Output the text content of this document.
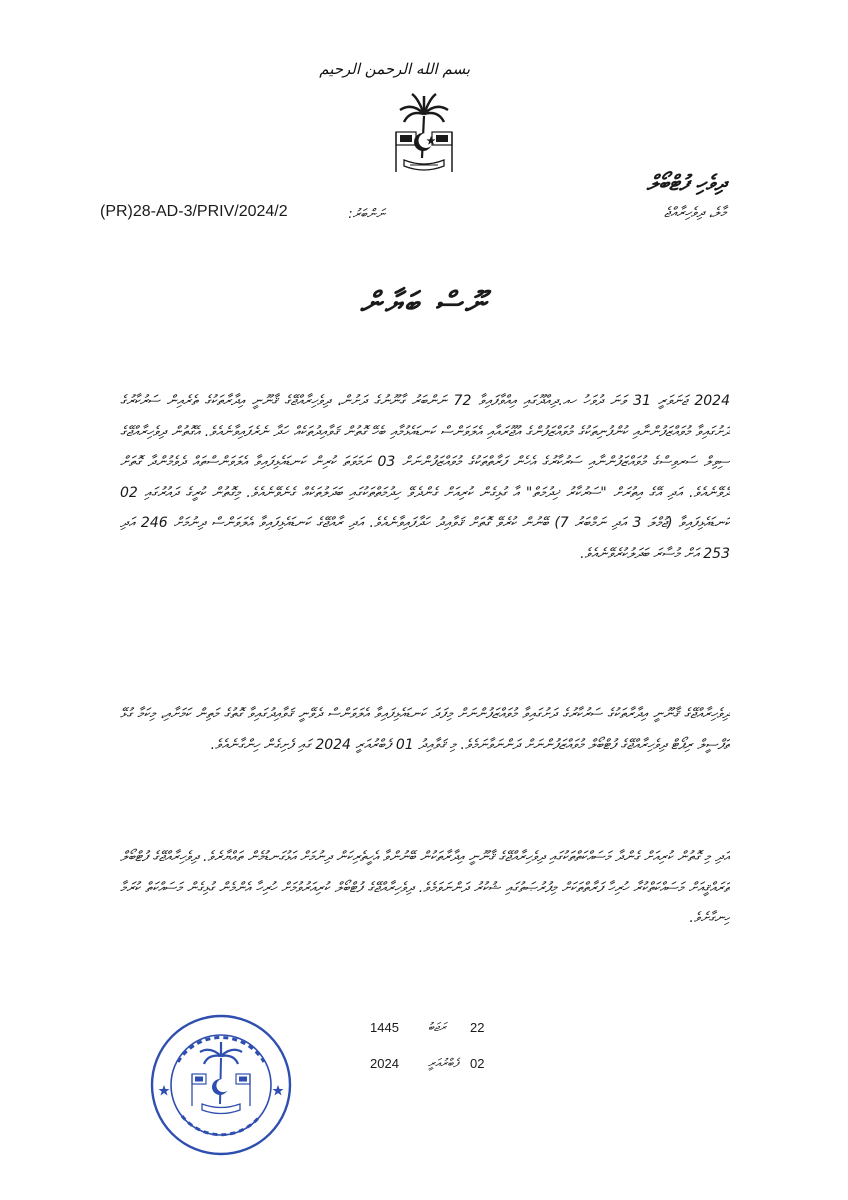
بسم الله الرحمن الرحيم
ދިވެހި ފުޓްބޯލް
މާލެ، ދިވެހިރާއްޖެ
ނަންބަރު:
(PR)28-AD-3/PRIV/2024/2
ނޫސް ބަޔާން
2024 ޖަނަވަރީ 31 ވަނަ ދުވަހު ހއ.ދިއްދޫގައި އިއްވާފައިވާ 72 ނަންބަރު ގާނޫނުގެ ދަށުން، ދިވެހިރާއްޖޭގެ ޤާނޫނީ އިދާރާތަކުގެ ތެރެއިން ސަރުކާރުގެ ދަށުގައިވާ މުވައްޒަފުންނާއި ކުންފުނިތަކުގެ މުވައްޒަފުންގެ އުޖޫރައާއި އެލަވަންސް ކަނޑައެޅުމާއި ބެހޭ ގޮތުން ޤަވާއިދުތަކެއް ހަދާ ނެރެފައިވާނެއެވެ. އެގޮތުން ދިވެހިރާއްޖޭގެ ސިވިލް ސަރވިސްގެ މުވައްޒަފުންނާއި ސަރުކާރުގެ އެހެން ފަރާތްތަކުގެ މުވައްޒަފުންނަށް 03 ނަމަވަތަ ކުރިން ކަނޑައެޅިފައިވާ އެލަވަންސްތައް ދެވެމުންދާ ގޮތަށް ދެވޭނެއެވެ. އަދި އޭގެ އިތުރަށް "ސަރުކާރު ޚިދުމަތް" އާ ގުޅިގެން ކުރިއަށް ގެންދެވޭ ހިދުމަތްތަކުގައި ބަދަލުތަކެއް ގެނެވޭނެއެވެ. މިގޮތުން ކުރީގެ ދައުރުގައި 02 ކަނޑައެޅިފައިވާ (ޖުމްލަ 3 އަދި ނަމްބަރު 7) ބޭނުން ކުރެވޭ ގޮތަށް ޤަވާއިދު ހަދާފައިވާނެއެވެ. އަދި ރާއްޖޭގެ ކަނޑައެޅިފައިވާ އެލަވަންސް ދިނުމަށް 246 އަދި 253 އަށް މުސާރަ ބަދަލުކުރެވޭނެއެވެ.
ދިވެހިރާއްޖޭގެ ޤާނޫނީ އިދާރާތަކުގެ ސަރުކާރުގެ ދަށުގައިވާ މުވައްޒަފުންނަށް މިފަދަ ކަނޑައެޅިފައިވާ އެލަވަންސް ދެވޭނީ ޤަވާއިދުގައިވާ ގޮތުގެ މަތިން ކަމަށާއި، މިކަމާ ގުޅޭ ތަފްސީލް ރިޕޯޓް ދިވެހިރާއްޖޭގެ ފުޓްބޯލް މުވައްޒަފުންނަށް ދަންނަވާނަމެވެ. މި ޤަވާއިދު 01 ފެބްރުއަރީ 2024 ގައި ފެށިގެން ހިންގާނެއެވެ.
އަދި މި ގޮތުން ކުރިއަށް ގެންދާ މަސައްކަތްތަކުގައި ދިވެހިރާއްޖޭގެ ޤާނޫނީ އިދާރާތަކުން ބޭނުންވާ އެހީތެރިކަން ދިނުމަށް އަޅުގަނޑުމެން ތައްޔާރެވެ. ދިވެހިރާއްޖޭގެ ފުޓްބޯލް ތަރައްޤީއަށް މަސައްކަތްކުރާ ހުރިހާ ފަރާތްތަކަށް މިފުރުޞަތުގައި ޝުކުރު ދަންނަވަމެވެ. ދިވެހިރާއްޖޭގެ ފުޓްބޯލް ކުރިއަރުވުމަށް ހުރިހާ އެންމެން ގުޅިގެން މަސައްކަތް ކުރަމާ ހިނގާށެވެ.
1445 ރަޖަބު 22
2024 ފެބްރުއަރީ 02
